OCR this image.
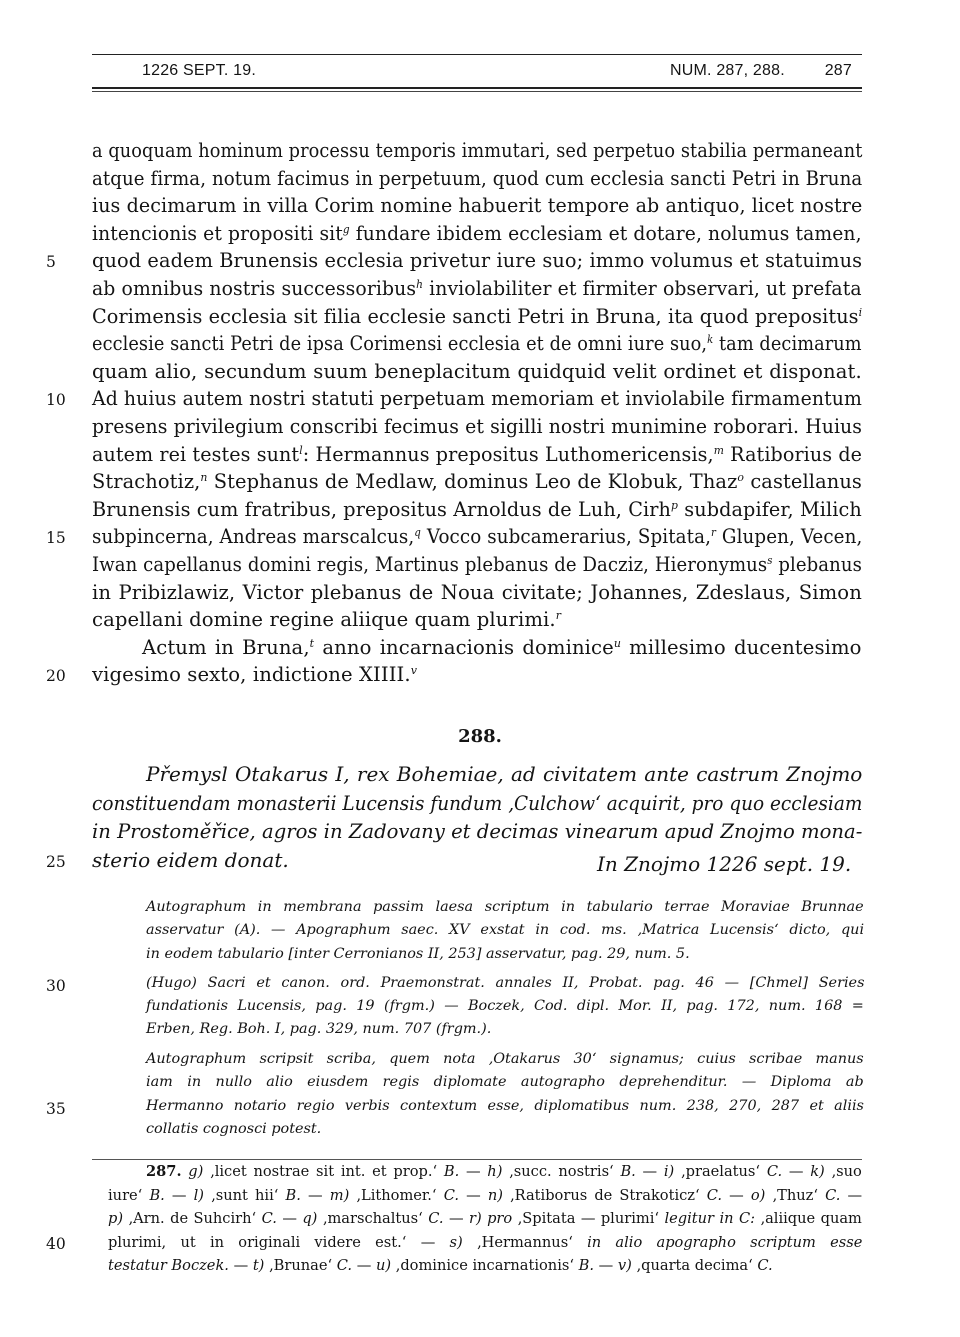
1226 SEPT. 19.	NUM. 287, 288. 287
a quoquam hominum processu temporis immutari, sed perpetuo stabilia permaneant
atque firma, notum facimus in perpetuum, quod cum ecclesia sancti Petri in Bruna
ius decimarum in villa Corim nomine habuerit tempore ab antiquo, licet nostre
intencionis et propositi sit$^g$ fundare ibidem ecclesiam et dotare, nolumus tamen,
quod eadem Brunensis ecclesia privetur iure suo; immo volumus et statuimus
5
ab omnibus nostris successoribus$^h$ inviolabiliter et firmiter observari, ut prefata
Corimensis ecclesia sit filia ecclesie sancti Petri in Bruna, ita quod prepositus$^i$
ecclesie sancti Petri de ipsa Corimensi ecclesia et de omni iure suo,$^k$ tam decimarum
quam alio, secundum suum beneplacitum quidquid velit ordinet et disponat.
Ad huius autem nostri statuti perpetuam memoriam et inviolabile firmamentum
10
presens privilegium conscribi fecimus et sigilli nostri munimine roborari. Huius
autem rei testes sunt$^l$: Hermannus prepositus Luthomericensis,$^m$ Ratiborius de
Strachotiz,$^n$ Stephanus de Medlaw, dominus Leo de Klobuk, Thaz$^o$ castellanus
Brunensis cum fratribus, prepositus Arnoldus de Luh, Cirh$^p$ subdapifer, Milich
subpincerna, Andreas marscalcus,$^q$ Vocco subcamerarius, Spitata,$^r$ Glupen, Vecen,
15
Iwan capellanus domini regis, Martinus plebanus de Dacziz, Hieronymus$^s$ plebanus
in Pribizlawiz, Victor plebanus de Noua civitate; Johannes, Zdeslaus, Simon
capellani domine regine aliique quam plurimi.$^r$
Actum in Bruna,$^t$ anno incarnacionis dominice$^u$ millesimo ducentesimo
vigesimo sexto, indictione XIIII.$^v$
20
288.
Přemysl Otakarus I, rex Bohemiae, ad civitatem ante castrum Znojmo
constituendam monasterii Lucensis fundum ‚Culchow‘ acquirit, pro quo ecclesiam
in Prostoměřice, agros in Zadovany et decimas vinearum apud Znojmo mona-
sterio eidem donat.
25	In Znojmo 1226 sept. 19.
Autographum in membrana passim laesa scriptum in tabulario terrae Moraviae Brunnae
asservatur (A). — Apographum saec. XV exstat in cod. ms. ‚Matrica Lucensis‘ dicto, qui
in eodem tabulario [inter Cerronianos II, 253] asservatur, pag. 29, num. 5.
(Hugo) Sacri et canon. ord. Praemonstrat. annales II, Probat. pag. 46 — [Chmel] Series
30
fundationis Lucensis, pag. 19 (frgm.) — Boczek, Cod. dipl. Mor. II, pag. 172, num. 168 =
Erben, Reg. Boh. I, pag. 329, num. 707 (frgm.).
Autographum scripsit scriba, quem nota ‚Otakarus 30‘ signamus; cuius scribae manus
iam in nullo alio eiusdem regis diplomate autographo deprehenditur. — Diploma ab
Hermanno notario regio verbis contextum esse, diplomatibus num. 238, 270, 287 et aliis
35
collatis cognosci potest.
287. g) ‚licet nostrae sit int. et prop.‘ B. — h) ‚succ. nostris‘ B. — i) ‚praelatus‘ C. — k) ‚suo
iure‘ B. — l) ‚sunt hii‘ B. — m) ‚Lithomer.‘ C. — n) ‚Ratiborus de Strakoticz‘ C. — o) ‚Thuz‘ C. —
p) ‚Arn. de Suhcirh‘ C. — q) ‚marschaltus‘ C. — r) pro ‚Spitata — plurimi‘ legitur in C: ‚aliique quam
plurimi, ut in originali videre est.‘ — s) ‚Hermannus‘ in alio apographo scriptum esse
40
testatur Boczek. — t) ‚Brunae‘ C. — u) ‚dominice incarnationis‘ B. — v) ‚quarta decima‘ C.
